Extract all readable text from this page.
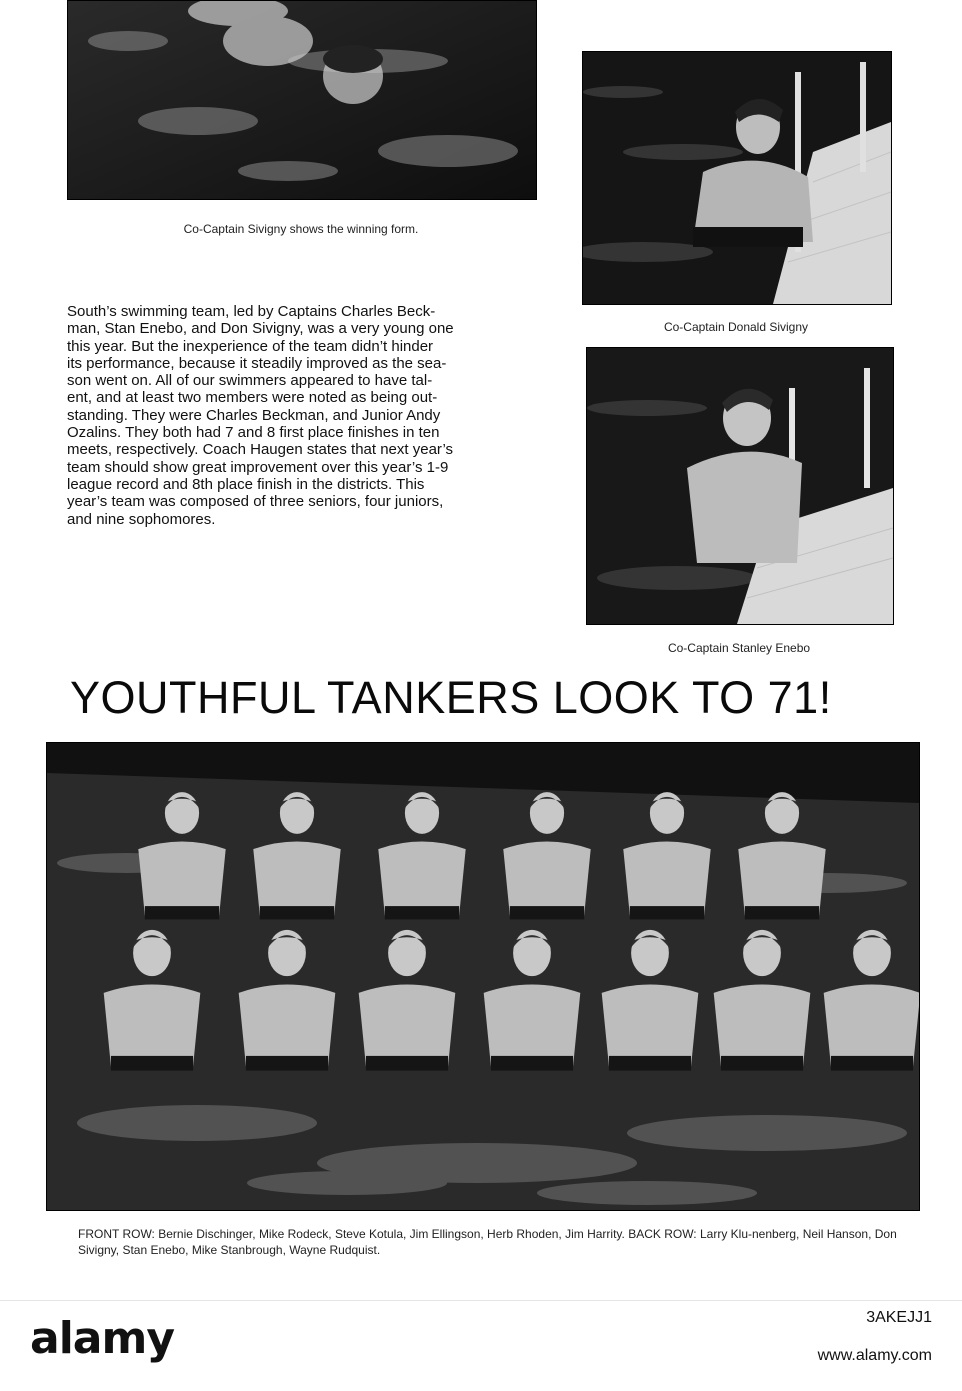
Co-Captain Sivigny shows the winning form.
Co-Captain Donald Sivigny

South’s swimming team, led by Captains Charles Beck-
man, Stan Enebo, and Don Sivigny, was a very young one
this year. But the inexperience of the team didn’t hinder
its performance, because it steadily improved as the sea-
son went on. All of our swimmers appeared to have tal-
ent, and at least two members were noted as being out-
standing. They were Charles Beckman, and Junior Andy
Ozalins. They both had 7 and 8 first place finishes in ten
meets, respectively. Coach Haugen states that next year’s
team should show great improvement over this year’s 1-9
league record and 8th place finish in the districts. This
year’s team was composed of three seniors, four juniors,
and nine sophomores.

Co-Captain Stanley Enebo
YOUTHFUL TANKERS LOOK TO 71!

FRONT ROW: Bernie Dischinger, Mike Rodeck, Steve Kotula, Jim Ellingson, Herb Rhoden, Jim Harrity. BACK ROW: Larry Klu-nenberg, Neil Hanson, Don Sivigny, Stan Enebo, Mike Stanbrough, Wayne Rudquist.

alamy	3AKEJJ1
www.alamy.com
